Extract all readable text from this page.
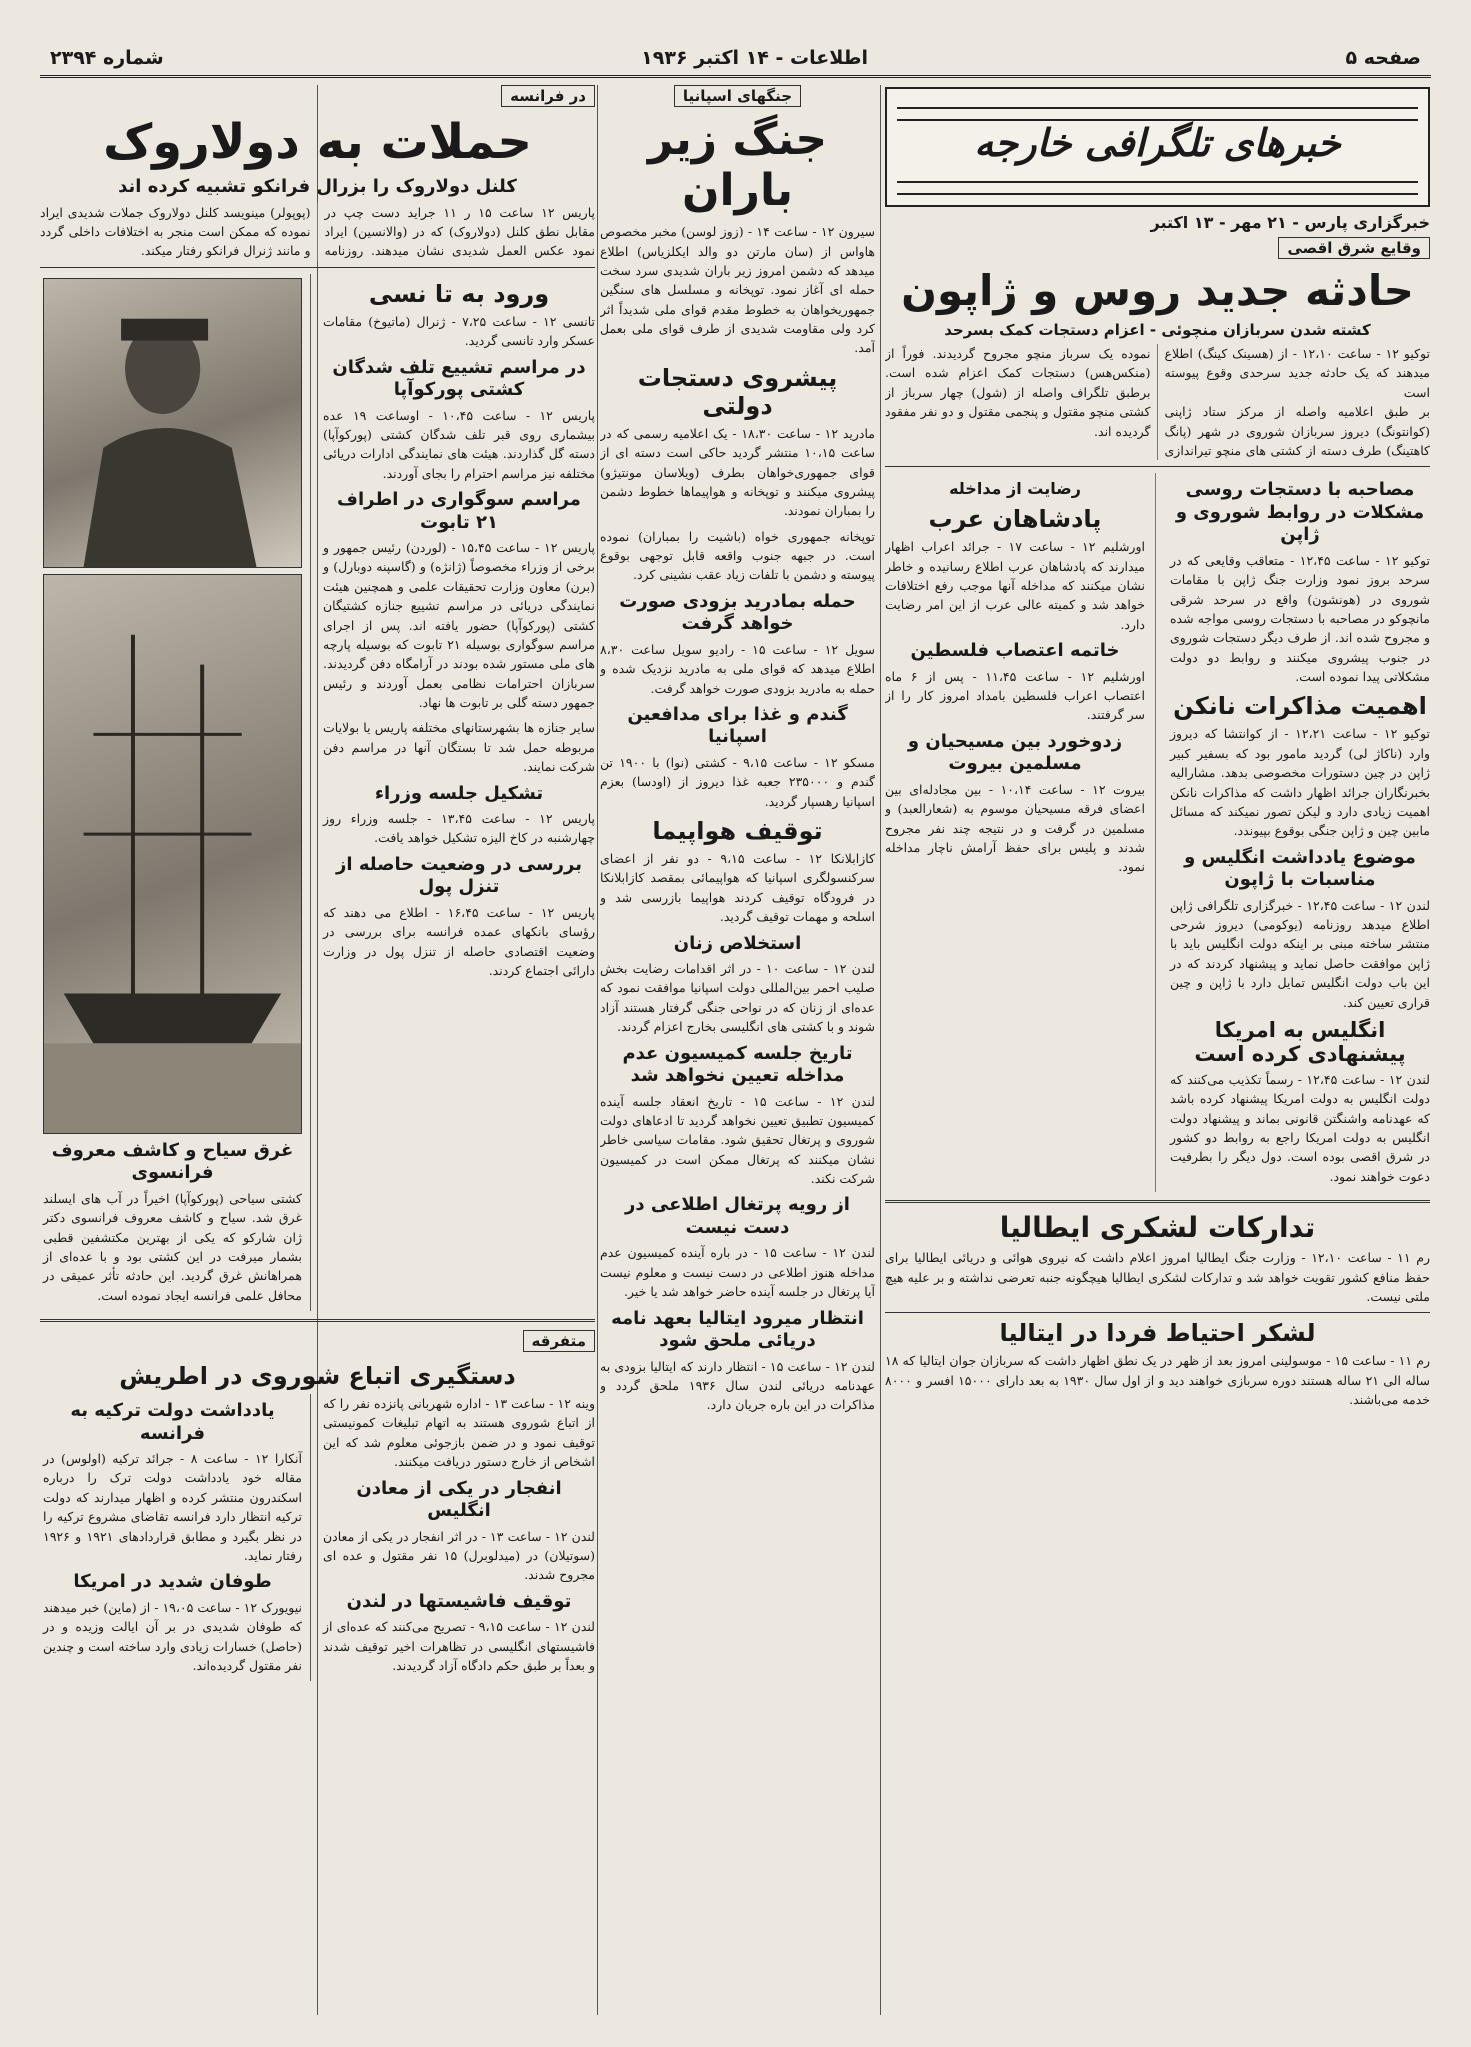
شماره ۲۳۹۴	اطلاعات - ۱۴ اکتبر ۱۹۳۶	صفحه ۵
خبرهای تلگرافی خارجه
خبرگزاری پارس - ۲۱ مهر - ۱۳ اکتبر
وقایع شرق اقصی
حادثه جدید روس و ژاپون
کشته شدن سربازان منچوئی - اعزام دستجات کمک بسرحد

توکیو ۱۲ - ساعت ۱۲،۱۰ - از (هسینک کینگ) اطلاع میدهند که یک حادثه جدید سرحدی وقوع پیوسته است

بر طبق اعلامیه واصله از مرکز ستاد ژاپنی (کوانتونگ) دیروز سربازان شوروی در شهر (پانگ کاهتینگ) طرف دسته از کشتی های منچو تیراندازی نموده یک سرباز منچو مجروح گردیدند. فوراً از (منکس‌هس) دستجات کمک اعزام شده است. برطبق تلگراف واصله از (شول) چهار سرباز از کشتی منچو مقتول و پنجمی مقتول و دو نفر مفقود گردیده اند.

مصاحبه با دستجات روسی مشکلات در روابط شوروی و ژاپن

توکیو ۱۲ - ساعت ۱۲،۴۵ - متعاقب وقایعی که در سرحد بروز نمود وزارت جنگ ژاپن با مقامات شوروی در (هونشون) واقع در سرحد شرقی مانچوکو در مصاحبه با دستجات روسی مواجه شده و مجروح شده اند. از طرف دیگر دستجات شوروی در جنوب پیشروی میکنند و روابط دو دولت مشکلاتی پیدا نموده است.

اهمیت مذاکرات نانکن

توکیو ۱۲ - ساعت ۱۲،۲۱ - از کوانتشا که دیروز وارد (ناکاژ لی) گردید مامور بود که بسفیر کبیر ژاپن در چین دستورات مخصوصی بدهد. مشارالیه بخبرنگاران جرائد اظهار داشت که مذاکرات نانکن اهمیت زیادی دارد و لیکن تصور نمیکند که مسائل مابین چین و ژاپن جنگی بوقوع بپیوندد.

موضوع یادداشت انگلیس و مناسبات با ژاپون

لندن ۱۲ - ساعت ۱۲،۴۵ - خبرگزاری تلگرافی ژاپن اطلاع میدهد روزنامه (یوکومی) دیروز شرحی منتشر ساخته مبنی بر اینکه دولت انگلیس باید با ژاپن موافقت حاصل نماید و پیشنهاد کردند که در این باب دولت انگلیس تمایل دارد با ژاپن و چین قراری تعیین کند.

انگلیس به امریکا پیشنهادی کرده است

لندن ۱۲ - ساعت ۱۲،۴۵ - رسماً تکذیب می‌کنند که دولت انگلیس به دولت امریکا پیشنهاد کرده باشد که عهدنامه واشنگتن قانونی بماند و پیشنهاد دولت انگلیس به دولت امریکا راجع به روابط دو کشور در شرق اقصی بوده است. دول دیگر را بطرفیت دعوت خواهند نمود.

رضایت از مداخله
پادشاهان عرب

اورشلیم ۱۲ - ساعت ۱۷ - جرائد اعراب اظهار میدارند که پادشاهان عرب اطلاع رسانیده و خاطر نشان میکنند که مداخله آنها موجب رفع اختلافات خواهد شد و کمیته عالی عرب از این امر رضایت دارد.

خاتمه اعتصاب فلسطین

اورشلیم ۱۲ - ساعت ۱۱،۴۵ - پس از ۶ ماه اعتصاب اعراب فلسطین بامداد امروز کار را از سر گرفتند.

زدوخورد بین مسیحیان و مسلمین بیروت

بیروت ۱۲ - ساعت ۱۰،۱۴ - بین مجادله‌ای بین اعضای فرقه مسیحیان موسوم به (شعارالعبد) و مسلمین در گرفت و در نتیجه چند نفر مجروح شدند و پلیس برای حفظ آرامش ناچار مداخله نمود.

تدارکات لشکری ایطالیا

رم ۱۱ - ساعت ۱۲،۱۰ - وزارت جنگ ایطالیا امروز اعلام داشت که نیروی هوائی و دریائی ایطالیا برای حفظ منافع کشور تقویت خواهد شد و تدارکات لشکری ایطالیا هیچگونه جنبه تعرضی نداشته و بر علیه هیچ ملتی نیست.

لشکر احتیاط فردا در ایتالیا

رم ۱۱ - ساعت ۱۵ - موسولینی امروز بعد از ظهر در یک نطق اظهار داشت که سربازان جوان ایتالیا که ۱۸ ساله الی ۲۱ ساله هستند دوره سربازی خواهند دید و از اول سال ۱۹۳۰ به بعد دارای ۱۵۰۰۰ افسر و ۸۰۰۰ خدمه می‌باشند.

جنگهای اسپانیا
جنگ زیر باران

سیرون ۱۲ - ساعت ۱۴ - (زوز لوسن) مخبر مخصوص هاواس از (سان مارتن دو والد ایکلزیاس) اطلاع میدهد که دشمن امروز زیر باران شدیدی سرد سخت حمله ای آغاز نمود. توپخانه و مسلسل های سنگین جمهوریخواهان به خطوط مقدم قوای ملی شدیداً اثر کرد ولی مقاومت شدیدی از طرف قوای ملی بعمل آمد.

پیشروی دستجات دولتی

مادرید ۱۲ - ساعت ۱۸،۳۰ - یک اعلامیه رسمی که در ساعت ۱۰،۱۵ منتشر گردید حاکی است دسته ای از قوای جمهوری‌خواهان بطرف (ویلاسان مونتیژو) پیشروی میکنند و توپخانه و هواپیماها خطوط دشمن را بمباران نمودند.

توپخانه جمهوری خواه (باشیت را بمباران) نموده است. در جبهه جنوب واقعه قابل توجهی بوقوع پیوسته و دشمن با تلفات زیاد عقب نشینی کرد.

حمله بمادرید بزودی صورت خواهد گرفت

سویل ۱۲ - ساعت ۱۵ - رادیو سویل ساعت ۸،۳۰ اطلاع میدهد که قوای ملی به مادرید نزدیک شده و حمله به مادرید بزودی صورت خواهد گرفت.

گندم و غذا برای مدافعین اسپانیا

مسکو ۱۲ - ساعت ۹،۱۵ - کشتی (نوا) با ۱۹۰۰ تن گندم و ۲۳۵۰۰۰ جعبه غذا دیروز از (اودسا) بعزم اسپانیا رهسپار گردید.

توقیف هواپیما

کازابلانکا ۱۲ - ساعت ۹،۱۵ - دو نفر از اعضای سرکنسولگری اسپانیا که هواپیمائی بمقصد کازابلانکا در فرودگاه توقیف کردند هواپیما بازرسی شد و اسلحه و مهمات توقیف گردید.

استخلاص زنان

لندن ۱۲ - ساعت ۱۰ - در اثر اقدامات رضایت بخش صلیب احمر بین‌المللی دولت اسپانیا موافقت نمود که عده‌ای از زنان که در نواحی جنگی گرفتار هستند آزاد شوند و با کشتی های انگلیسی بخارج اعزام گردند.

تاریخ جلسه کمیسیون عدم مداخله تعیین نخواهد شد

لندن ۱۲ - ساعت ۱۵ - تاریخ انعقاد جلسه آینده کمیسیون تطبیق تعیین نخواهد گردید تا ادعاهای دولت شوروی و پرتغال تحقیق شود. مقامات سیاسی خاطر نشان میکنند که پرتغال ممکن است در کمیسیون شرکت نکند.

از رویه پرتغال اطلاعی در دست نیست

لندن ۱۲ - ساعت ۱۵ - در باره آینده کمیسیون عدم مداخله هنوز اطلاعی در دست نیست و معلوم نیست آیا پرتغال در جلسه آینده حاضر خواهد شد یا خیر.

انتظار میرود ایتالیا بعهد نامه دریائی ملحق شود

لندن ۱۲ - ساعت ۱۵ - انتظار دارند که ایتالیا بزودی به عهدنامه دریائی لندن سال ۱۹۳۶ ملحق گردد و مذاکرات در این باره جریان دارد.

در فرانسه
حملات به دولاروک
کلنل دولاروک را بزرال فرانکو تشبیه کرده اند

پاریس ۱۲ ساعت ۱۵ ر ۱۱ جراید دست چپ در مقابل نطق کلنل (دولاروک) که در (والانسین) ایراد نمود عکس العمل شدیدی نشان میدهند. روزنامه (پوپولر) مینویسد کلنل دولاروک جملات شدیدی ایراد نموده که ممکن است منجر به اختلافات داخلی گردد و مانند ژنرال فرانکو رفتار میکند.

ورود به تا نسی

تانسی ۱۲ - ساعت ۷،۲۵ - ژنرال (ماتیوخ) مقامات عسکر وارد تانسی گردید.

در مراسم تشییع تلف شدگان کشتی پورکوآپا

پاریس ۱۲ - ساعت ۱۰،۴۵ - اوساعت ۱۹ عده بیشماری روی قبر تلف شدگان کشتی (پورکوآپا) دسته گل گذاردند. هیئت های نمایندگی ادارات دریائی مختلفه نیز مراسم احترام را بجای آوردند.

مراسم سوگواری در اطراف ۲۱ تابوت

پاریس ۱۲ - ساعت ۱۵،۴۵ - (لوردن) رئیس جمهور و برخی از وزراء مخصوصاً (ژانژه) و (گاسپنه دوبارل) و (برن) معاون وزارت تحقیقات علمی و همچنین هیئت نمایندگی دریائی در مراسم تشییع جنازه کشتیگان کشتی (پورکوآپا) حضور یافته اند. پس از اجرای مراسم سوگواری بوسیله ۲۱ تابوت که بوسیله پارچه های ملی مستور شده بودند در آرامگاه دفن گردیدند. سربازان احترامات نظامی بعمل آوردند و رئیس جمهور دسته گلی بر تابوت ها نهاد.

سایر جنازه ها بشهرستانهای مختلفه پاریس یا بولایات مربوطه حمل شد تا بستگان آنها در مراسم دفن شرکت نمایند.

تشکیل جلسه وزراء

پاریس ۱۲ - ساعت ۱۳،۴۵ - جلسه وزراء روز چهارشنبه در کاخ الیزه تشکیل خواهد یافت.

بررسی در وضعیت حاصله از تنزل پول

پاریس ۱۲ - ساعت ۱۶،۴۵ - اطلاع می دهند که رؤسای بانکهای عمده فرانسه برای بررسی در وضعیت اقتصادی حاصله از تنزل پول در وزارت دارائی اجتماع کردند.

غرق سیاح و کاشف معروف فرانسوی

کشتی سیاحی (پورکوآپا) اخیراً در آب های ایسلند غرق شد. سیاح و کاشف معروف فرانسوی دکتر ژان شارکو که یکی از بهترین مکتشفین قطبی بشمار میرفت در این کشتی بود و با عده‌ای از همراهانش غرق گردید. این حادثه تأثر عمیقی در محافل علمی فرانسه ایجاد نموده است.

متفرقه
دستگیری اتباع شوروی در اطریش

وینه ۱۲ - ساعت ۱۳ - اداره شهربانی پانزده نفر را که از اتباع شوروی هستند به اتهام تبلیغات کمونیستی توقیف نمود و در ضمن بازجوئی معلوم شد که این اشخاص از خارج دستور دریافت میکنند.

انفجار در یکی از معادن انگلیس

لندن ۱۲ - ساعت ۱۳ - در اثر انفجار در یکی از معادن (سوتیلان) در (میدلوبرل) ۱۵ نفر مقتول و عده ای مجروح شدند.

توقیف فاشیستها در لندن

لندن ۱۲ - ساعت ۹،۱۵ - تصریح می‌کنند که عده‌ای از فاشیستهای انگلیسی در تظاهرات اخیر توقیف شدند و بعداً بر طبق حکم دادگاه آزاد گردیدند.

یادداشت دولت ترکیه به فرانسه

آنکارا ۱۲ - ساعت ۸ - جرائد ترکیه (اولوس) در مقاله خود یادداشت دولت ترک را درباره اسکندرون منتشر کرده و اظهار میدارند که دولت ترکیه انتظار دارد فرانسه تقاضای مشروع ترکیه را در نظر بگیرد و مطابق قراردادهای ۱۹۲۱ و ۱۹۲۶ رفتار نماید.

طوفان شدید در امریکا

نیویورک ۱۲ - ساعت ۱۹،۰۵ - از (ماین) خبر میدهند که طوفان شدیدی در بر آن ایالت وزیده و در (حاصل) خسارات زیادی وارد ساخته است و چندین نفر مقتول گردیده‌اند.
